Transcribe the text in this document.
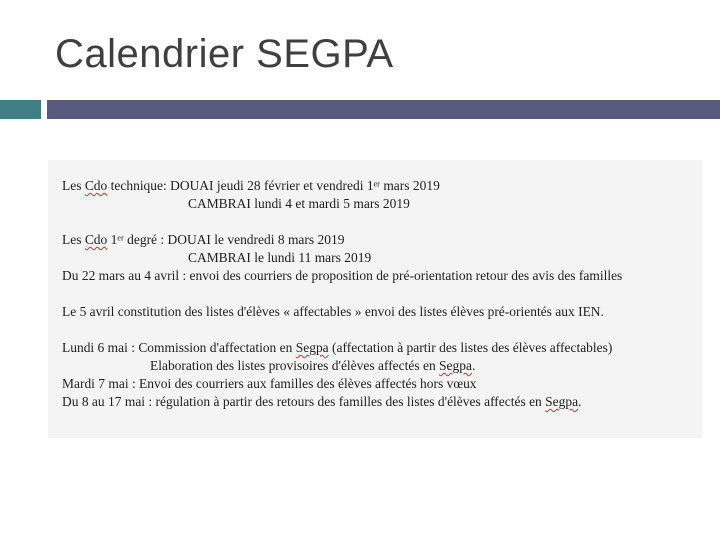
Calendrier SEGPA
Les Cdo technique: DOUAI jeudi 28 février et vendredi 1ᵉʳ mars 2019
CAMBRAI lundi 4 et mardi 5 mars 2019
Les Cdo 1ᵉʳ degré : DOUAI le vendredi 8 mars 2019
CAMBRAI le lundi 11 mars 2019
Du 22 mars au 4 avril : envoi des courriers de proposition de pré-orientation retour des avis des familles
Le 5 avril constitution des listes d'élèves « affectables » envoi des listes élèves pré-orientés aux IEN.
Lundi 6 mai : Commission d'affectation en Segpa (affectation à partir des listes des élèves affectables)
Elaboration des listes provisoires d'élèves affectés en Segpa.
Mardi 7 mai : Envoi des courriers aux familles des élèves affectés hors vœux
Du 8 au 17 mai : régulation à partir des retours des familles des listes d'élèves affectés en Segpa.
